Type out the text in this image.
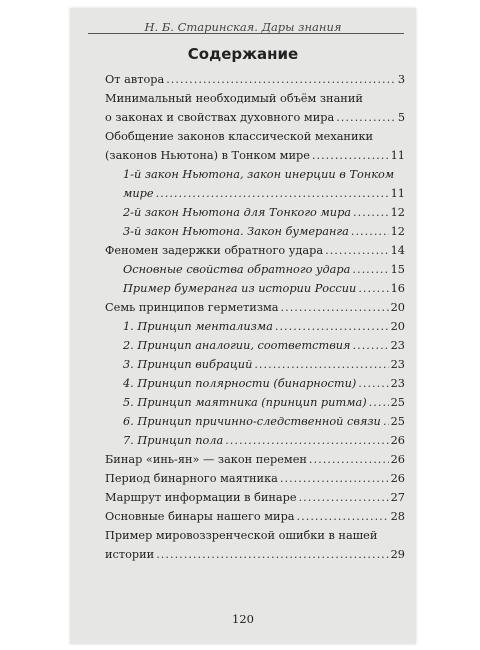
Н. Б. Старинская. Дары знания
Содержание
От автора .....	3
Минимальный необходимый объём знаний
о законах и свойствах духовного мира .....	5
Обобщение законов классической механики
(законов Ньютона) в Тонком мире .....	11
1-й закон Ньютона, закон инерции в Тонком
мире .....	11
2-й закон Ньютона для Тонкого мира .....	12
3-й закон Ньютона. Закон бумеранга .....	12
Феномен задержки обратного удара .....	14
Основные свойства обратного удара .....	15
Пример бумеранга из истории России .....	16
Семь принципов герметизма .....	20
1. Принцип ментализма .....	20
2. Принцип аналогии, соответствия .....	23
3. Принцип вибраций .....	23
4. Принцип полярности (бинарности) .....	23
5. Принцип маятника (принцип ритма) ..... 25
6. Принцип причинно-следственной связи ..... 25
7. Принцип пола .....	26
Бинар «инь-ян» — закон перемен .....	26
Период бинарного маятника .....	26
Маршрут информации в бинаре .....	27
Основные бинары нашего мира .....	28
Пример мировоззренческой ошибки в нашей
истории .....	29
120
